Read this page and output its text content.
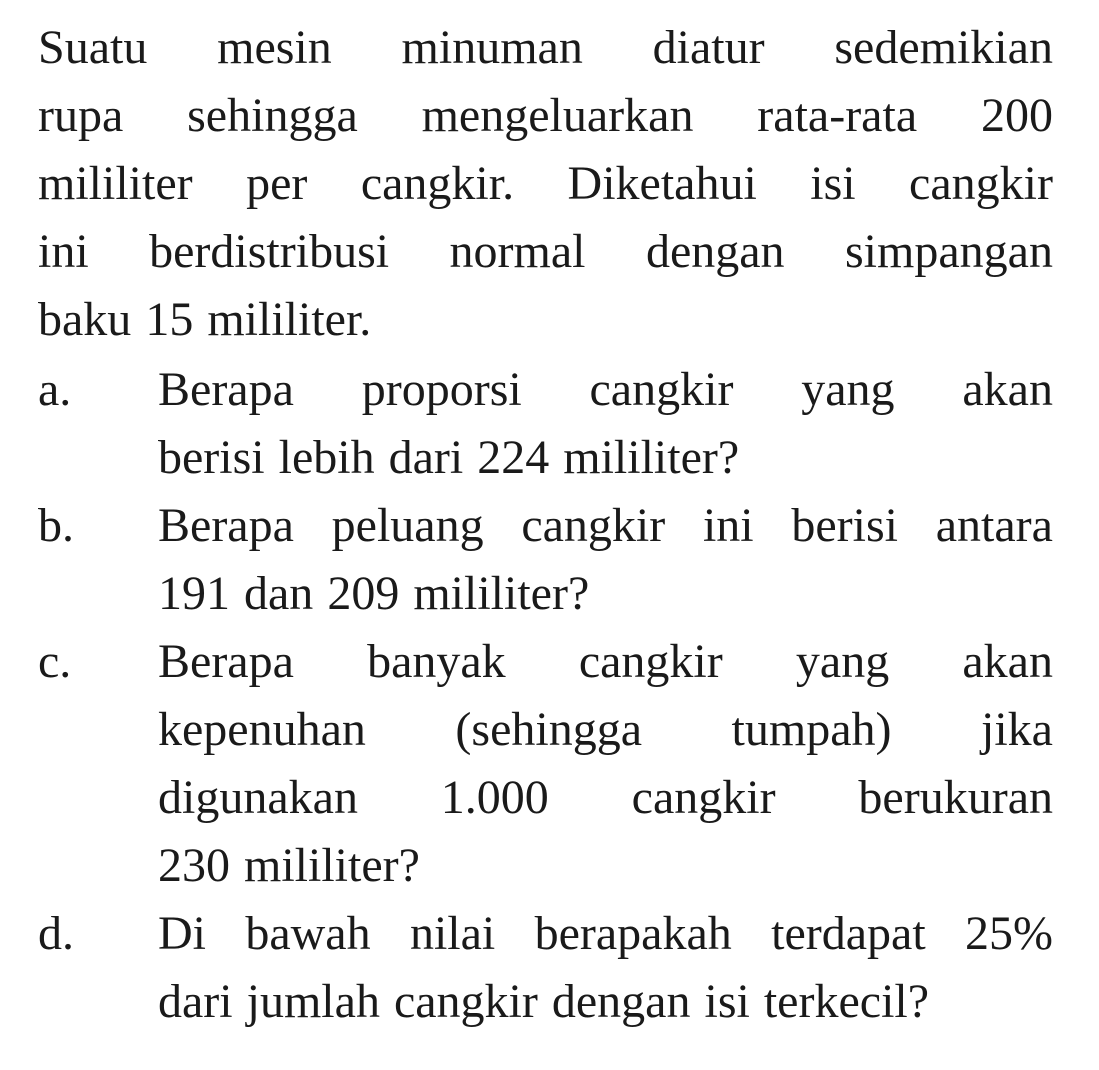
Suatu mesin minuman diatur sedemikian
rupa sehingga mengeluarkan rata-rata 200
mililiter per cangkir. Diketahui isi cangkir
ini berdistribusi normal dengan simpangan
baku 15 mililiter.
a.	Berapa proporsi cangkir yang akan
berisi lebih dari 224 mililiter?
b.	Berapa peluang cangkir ini berisi antara
191 dan 209 mililiter?
c.	Berapa banyak cangkir yang akan
kepenuhan (sehingga tumpah) jika
digunakan 1.000 cangkir berukuran
230 mililiter?
d.	Di bawah nilai berapakah terdapat 25%
dari jumlah cangkir dengan isi terkecil?
